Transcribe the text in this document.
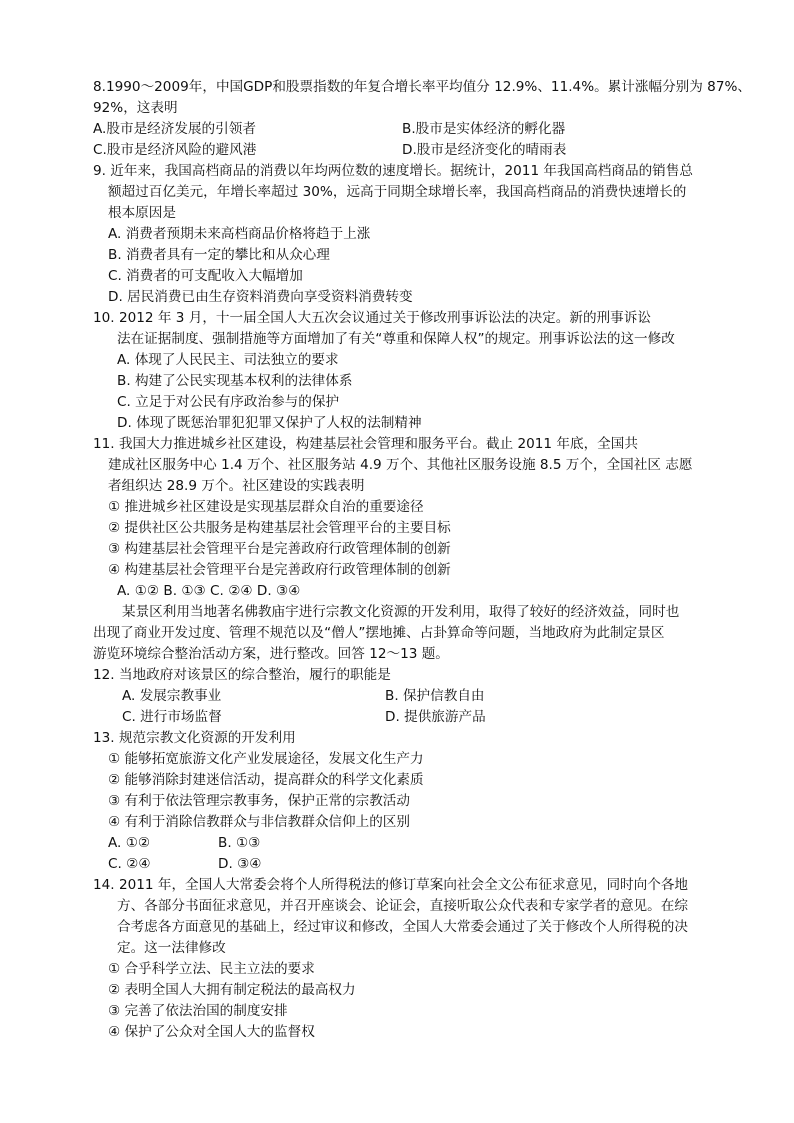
8.1990～2009年，中国GDP和股票指数的年复合增长率平均值分 12.9%、11.4%。累计涨幅分别为 87%、
92%，这表明
A.股市是经济发展的引领者	B.股市是实体经济的孵化器
C.股市是经济风险的避风港	D.股市是经济变化的晴雨表
9. 近年来，我国高档商品的消费以年均两位数的速度增长。据统计，2011 年我国高档商品的销售总
额超过百亿美元，年增长率超过 30%，远高于同期全球增长率，我国高档商品的消费快速增长的
根本原因是
A. 消费者预期未来高档商品价格将趋于上涨
B. 消费者具有一定的攀比和从众心理
C. 消费者的可支配收入大幅增加
D. 居民消费已由生存资料消费向享受资料消费转变
10. 2012 年 3 月，十一届全国人大五次会议通过关于修改刑事诉讼法的决定。新的刑事诉讼
法在证据制度、强制措施等方面增加了有关“尊重和保障人权”的规定。刑事诉讼法的这一修改
A. 体现了人民民主、司法独立的要求
B. 构建了公民实现基本权利的法律体系
C. 立足于对公民有序政治参与的保护
D. 体现了既惩治罪犯犯罪又保护了人权的法制精神
11. 我国大力推进城乡社区建设，构建基层社会管理和服务平台。截止 2011 年底，全国共
建成社区服务中心 1.4 万个、社区服务站 4.9 万个、其他社区服务设施 8.5 万个，全国社区 志愿
者组织达 28.9 万个。社区建设的实践表明
① 推进城乡社区建设是实现基层群众自治的重要途径
② 提供社区公共服务是构建基层社会管理平台的主要目标
③ 构建基层社会管理平台是完善政府行政管理体制的创新
④ 构建基层社会管理平台是完善政府行政管理体制的创新
A. ①② B. ①③ C. ②④ D. ③④
某景区利用当地著名佛教庙宇进行宗教文化资源的开发利用，取得了较好的经济效益，同时也
出现了商业开发过度、管理不规范以及“僧人”摆地摊、占卦算命等问题，当地政府为此制定景区
游览环境综合整治活动方案，进行整改。回答 12～13 题。
12. 当地政府对该景区的综合整治，履行的职能是
A. 发展宗教事业	B. 保护信教自由
C. 进行市场监督	D. 提供旅游产品
13. 规范宗教文化资源的开发利用
① 能够拓宽旅游文化产业发展途径，发展文化生产力
② 能够消除封建迷信活动，提高群众的科学文化素质
③ 有利于依法管理宗教事务，保护正常的宗教活动
④ 有利于消除信教群众与非信教群众信仰上的区别
A. ①②	B. ①③
C. ②④	D. ③④
14. 2011 年，全国人大常委会将个人所得税法的修订草案向社会全文公布征求意见，同时向个各地
方、各部分书面征求意见，并召开座谈会、论证会，直接听取公众代表和专家学者的意见。在综
合考虑各方面意见的基础上，经过审议和修改，全国人大常委会通过了关于修改个人所得税的决
定。这一法律修改
① 合乎科学立法、民主立法的要求
② 表明全国人大拥有制定税法的最高权力
③ 完善了依法治国的制度安排
④ 保护了公众对全国人大的监督权
